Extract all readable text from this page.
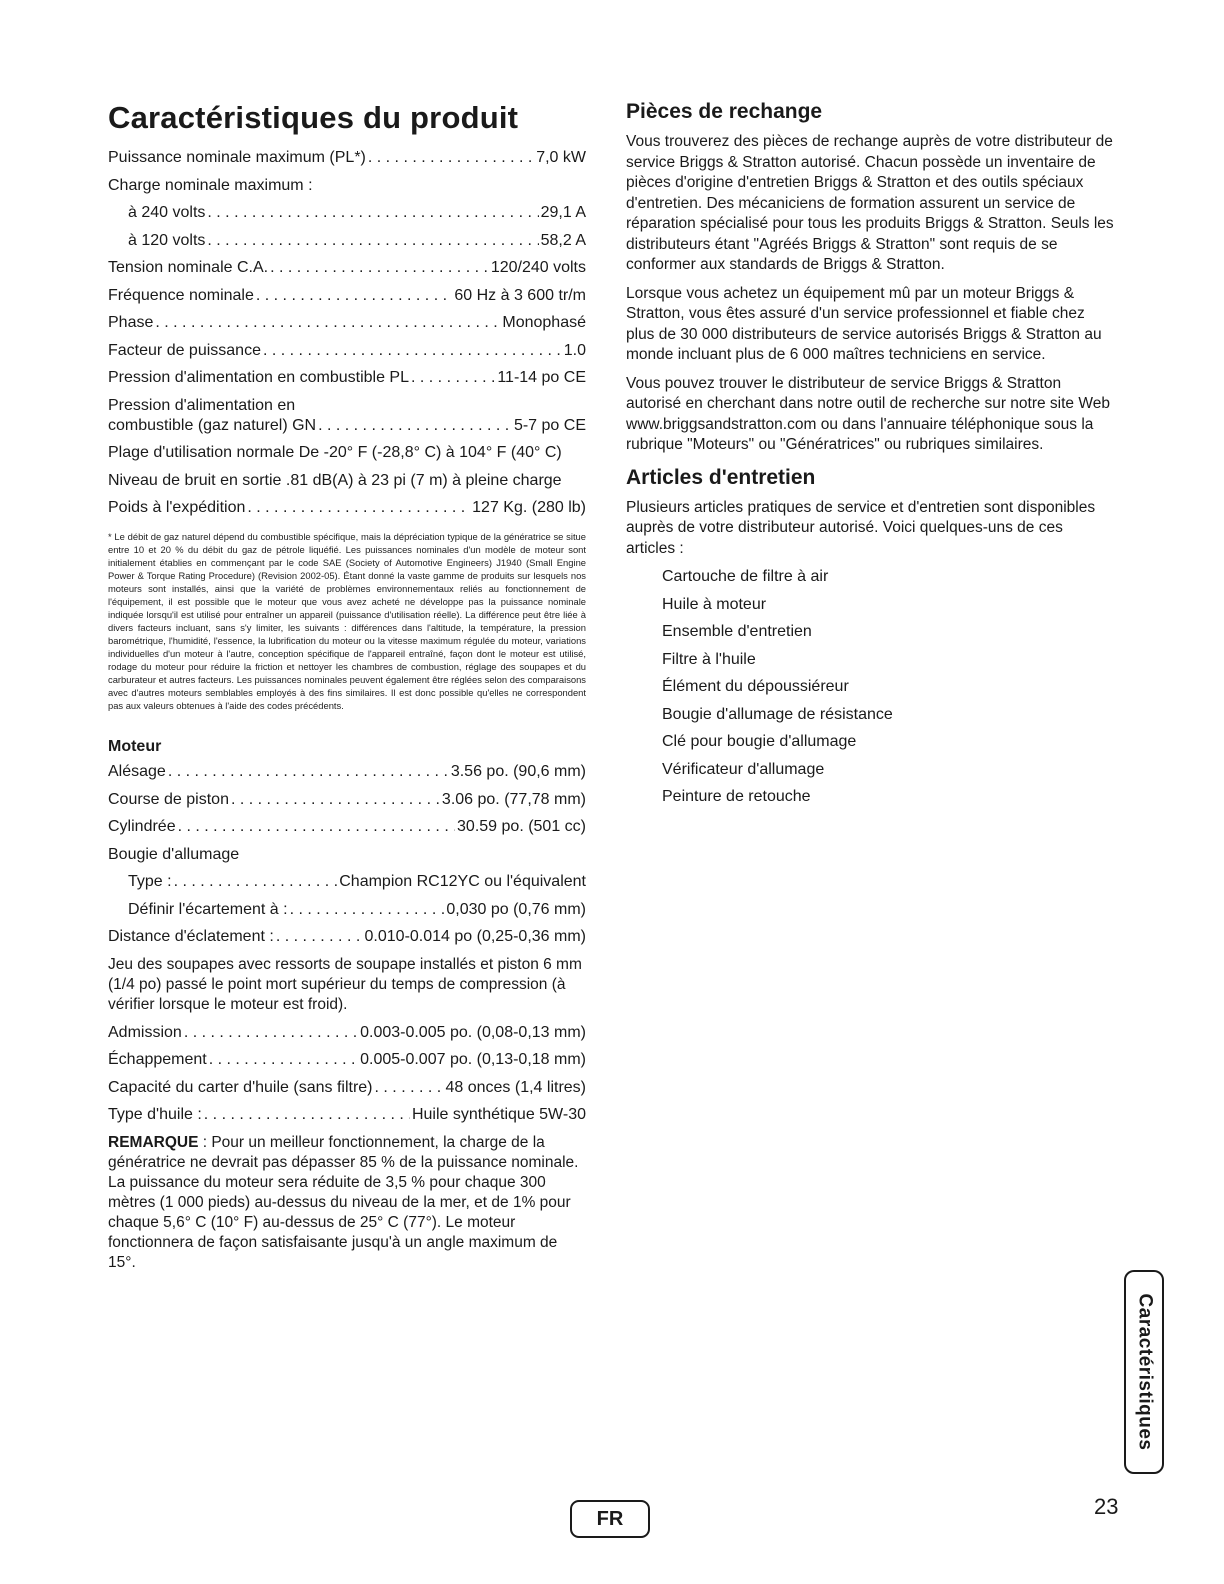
Caractéristiques du produit
Puissance nominale maximum (PL*) . . .	7,0 kW
Charge nominale maximum :
à 240 volts . . .	29,1 A
à 120 volts . . .	58,2 A
Tension nominale C.A. . . .	120/240 volts
Fréquence nominale . . .	60 Hz à 3 600 tr/m
Phase . . .	Monophasé
Facteur de puissance . . .	1.0
Pression d'alimentation en combustible PL . . .	11-14 po CE
Pression d'alimentation en
combustible (gaz naturel) GN . . .	5-7 po CE
Plage d'utilisation normale De -20° F (-28,8° C) à 104° F (40° C)
Niveau de bruit en sortie .81 dB(A) à 23 pi (7 m) à pleine charge
Poids à l'expédition . . .	127 Kg. (280 lb)
* Le débit de gaz naturel dépend du combustible spécifique, mais la dépréciation typique de la génératrice se situe entre 10 et 20 % du débit du gaz de pétrole liquéfié. Les puissances nominales d'un modèle de moteur sont initialement établies en commençant par le code SAE (Society of Automotive Engineers) J1940 (Small Engine Power & Torque Rating Procedure) (Revision 2002-05). Étant donné la vaste gamme de produits sur lesquels nos moteurs sont installés, ainsi que la variété de problèmes environnementaux reliés au fonctionnement de l'équipement, il est possible que le moteur que vous avez acheté ne développe pas la puissance nominale indiquée lorsqu'il est utilisé pour entraîner un appareil (puissance d'utilisation réelle). La différence peut être liée à divers facteurs incluant, sans s'y limiter, les suivants : différences dans l'altitude, la température, la pression barométrique, l'humidité, l'essence, la lubrification du moteur ou la vitesse maximum régulée du moteur, variations individuelles d'un moteur à l'autre, conception spécifique de l'appareil entraîné, façon dont le moteur est utilisé, rodage du moteur pour réduire la friction et nettoyer les chambres de combustion, réglage des soupapes et du carburateur et autres facteurs. Les puissances nominales peuvent également être réglées selon des comparaisons avec d'autres moteurs semblables employés à des fins similaires. Il est donc possible qu'elles ne correspondent pas aux valeurs obtenues à l'aide des codes précédents.
Moteur
Alésage . . .	3.56 po. (90,6 mm)
Course de piston . . .	3.06 po. (77,78 mm)
Cylindrée . . .	30.59 po. (501 cc)
Bougie d'allumage
Type : . . .	Champion RC12YC ou l'équivalent
Définir l'écartement à : . . .	0,030 po (0,76 mm)
Distance d'éclatement : . . .	0.010-0.014 po (0,25-0,36 mm)

Jeu des soupapes avec ressorts de soupape installés et piston 6 mm (1/4 po) passé le point mort supérieur du temps de compression (à vérifier lorsque le moteur est froid).

Admission . . .	0.003-0.005 po. (0,08-0,13 mm)
Échappement . . .	0.005-0.007 po. (0,13-0,18 mm)
Capacité du carter d'huile (sans filtre) . . .	48 onces (1,4 litres)
Type d'huile : . . .	Huile synthétique 5W-30

REMARQUE : Pour un meilleur fonctionnement, la charge de la génératrice ne devrait pas dépasser 85 % de la puissance nominale. La puissance du moteur sera réduite de 3,5 % pour chaque 300 mètres (1 000 pieds) au-dessus du niveau de la mer, et de 1% pour chaque 5,6° C (10° F) au-dessus de 25° C (77°). Le moteur fonctionnera de façon satisfaisante jusqu'à un angle maximum de 15°.

Pièces de rechange

Vous trouverez des pièces de rechange auprès de votre distributeur de service Briggs & Stratton autorisé. Chacun possède un inventaire de pièces d'origine d'entretien Briggs & Stratton et des outils spéciaux d'entretien. Des mécaniciens de formation assurent un service de réparation spécialisé pour tous les produits Briggs & Stratton. Seuls les distributeurs étant "Agréés Briggs & Stratton" sont requis de se conformer aux standards de Briggs & Stratton.

Lorsque vous achetez un équipement mû par un moteur Briggs & Stratton, vous êtes assuré d'un service professionnel et fiable chez plus de 30 000 distributeurs de service autorisés Briggs & Stratton au monde incluant plus de 6 000 maîtres techniciens en service.

Vous pouvez trouver le distributeur de service Briggs & Stratton autorisé en cherchant dans notre outil de recherche sur notre site Web www.briggsandstratton.com ou dans l'annuaire téléphonique sous la rubrique "Moteurs" ou "Génératrices" ou rubriques similaires.

Articles d'entretien

Plusieurs articles pratiques de service et d'entretien sont disponibles auprès de votre distributeur autorisé. Voici quelques-uns de ces articles :

Cartouche de filtre à air
Huile à moteur
Ensemble d'entretien
Filtre à l'huile
Élément du dépoussiéreur
Bougie d'allumage de résistance
Clé pour bougie d'allumage
Vérificateur d'allumage
Peinture de retouche
Caractéristiques
FR	23
